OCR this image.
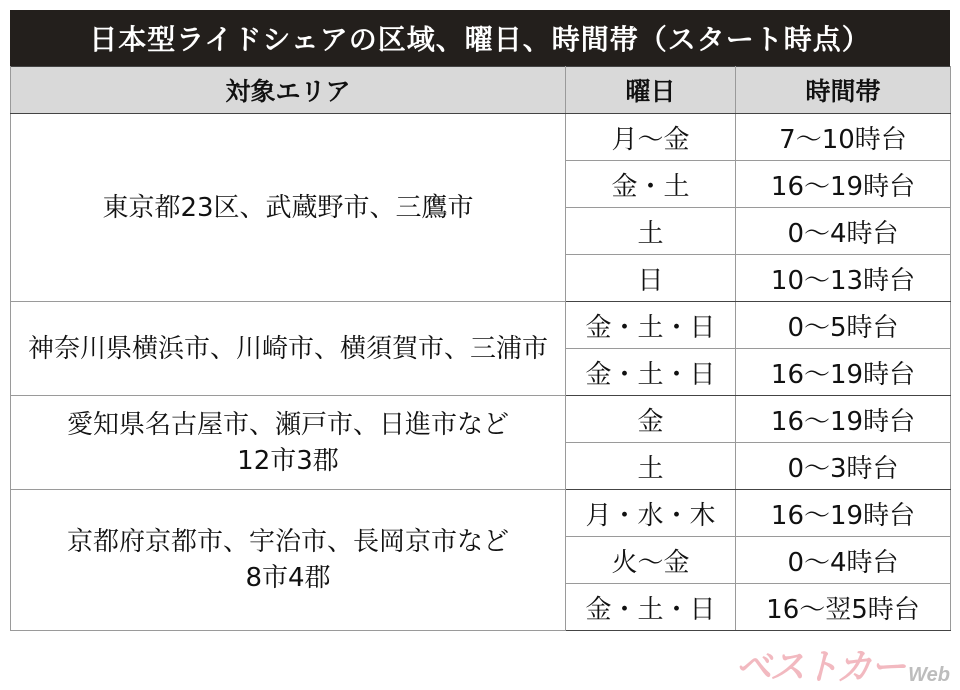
日本型ライドシェアの区域、曜日、時間帯（スタート時点）
対象エリア	曜日	時間帯

東京都23区、武蔵野市、三鷹市	月～金	7～10時台
	金・土	16～19時台
	土	0～4時台
	日	10～13時台

神奈川県横浜市、川崎市、横須賀市、三浦市	金・土・日	0～5時台
	金・土・日	16～19時台

愛知県名古屋市、瀬戸市、日進市など
12市3郡	金	16～19時台
	土	0～3時台

京都府京都市、宇治市、長岡京市など
8市4郡	月・水・木	16～19時台
	火～金	0～4時台
	金・土・日	16～翌5時台
ベストカー Web
